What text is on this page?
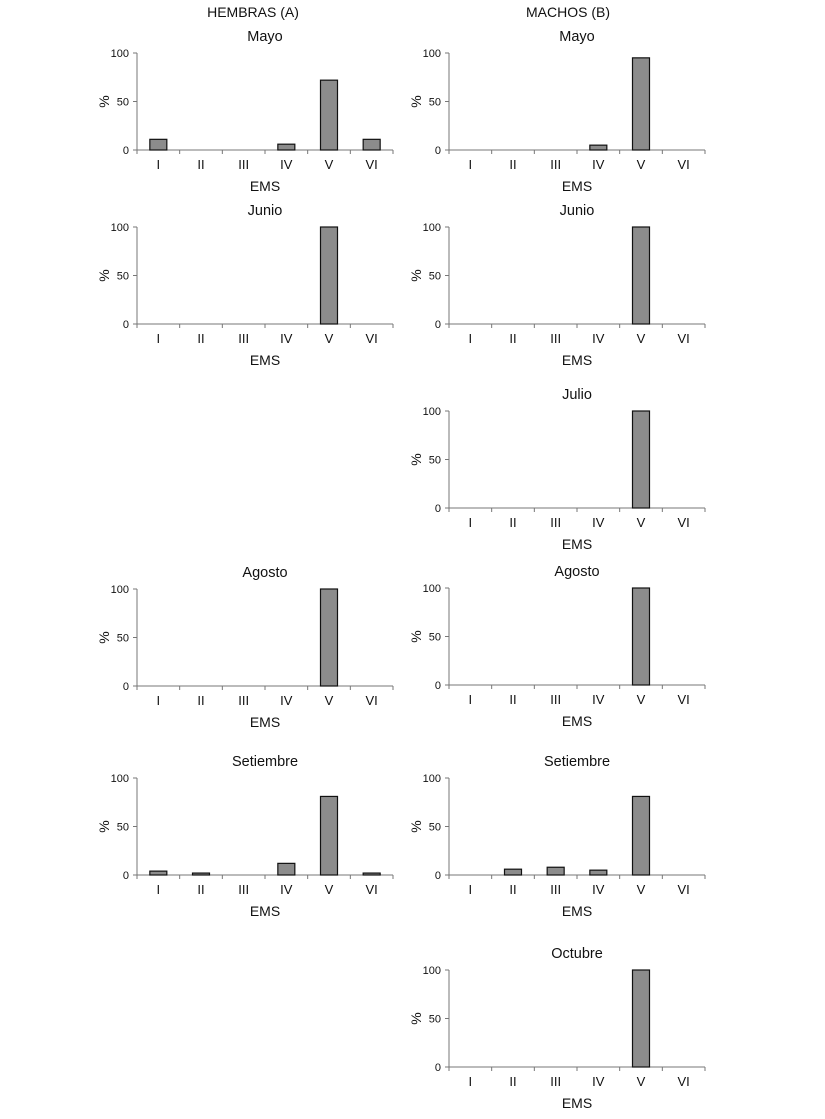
HEMBRAS (A)	MACHOS (B)
Mayo
0
50
100
I	II	III IV V VI
EMS
%
Junio
0
50
100
I	II	III IV V VI
EMS
%
Agosto
0
50
100
I	II	III IV V VI
EMS
%
Setiembre
0
50
100
I	II	III IV V VI
EMS
%
Mayo
0
50
100
I	II	III IV V VI
EMS
%
Junio
0
50
100
I	II	III IV V VI
EMS
%
Julio
0
50
100
I	II	III IV V VI
EMS
%
Agosto
0
50
100
I	II	III IV V VI
EMS
%
Setiembre
0
50
100
I	II	III IV V VI
EMS
%
Octubre
0
50
100
I	II	III IV V VI
EMS
%
